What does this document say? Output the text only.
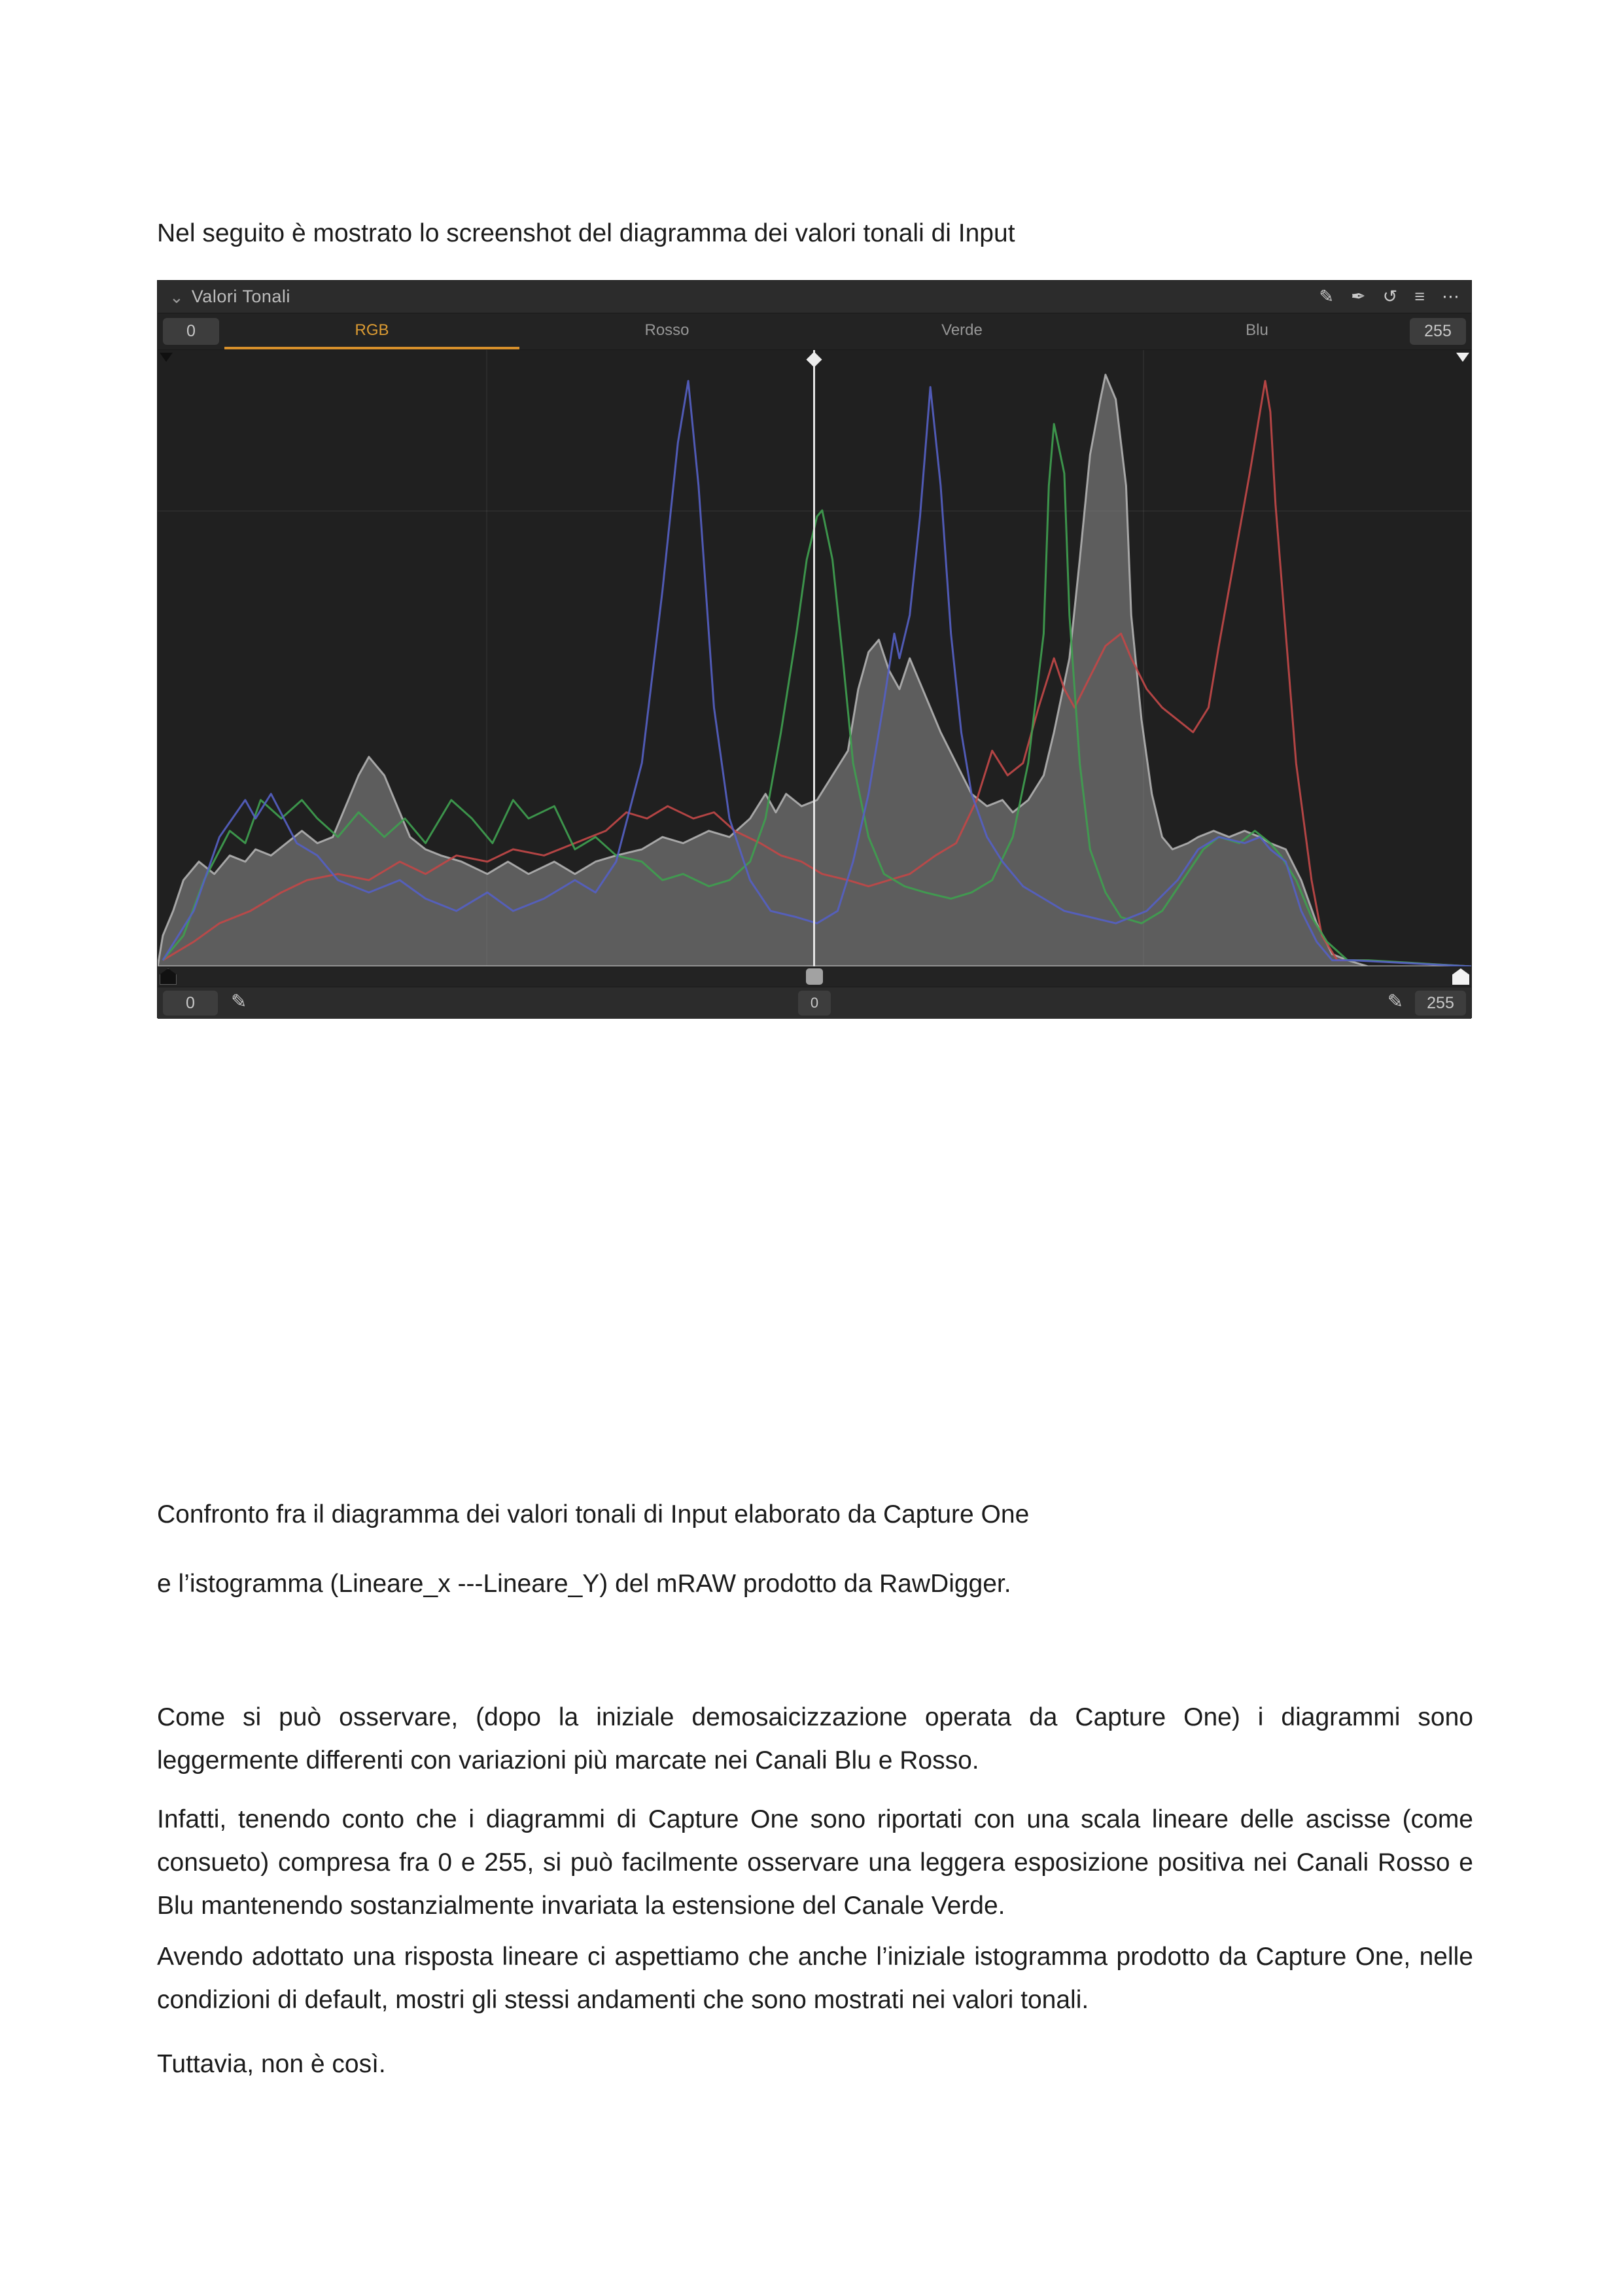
Nel seguito è mostrato lo screenshot del diagramma dei valori tonali di Input

⌄ Valori Tonali	✎ ✒ ↺ ≡ ⋯
0	RGB	Rosso	Verde	Blu	255
0	✎	0	✎	255

Confronto fra il diagramma dei valori tonali di Input elaborato da Capture One

e l’istogramma (Lineare_x ---Lineare_Y) del mRAW prodotto da RawDigger.

Come si può osservare, (dopo la iniziale demosaicizzazione operata da Capture One) i diagrammi sono leggermente differenti con variazioni più marcate nei Canali Blu e Rosso.

Infatti, tenendo conto che i diagrammi di Capture One sono riportati con una scala lineare delle ascisse (come consueto) compresa fra 0 e 255, si può facilmente osservare una leggera esposizione positiva nei Canali Rosso e Blu mantenendo sostanzialmente invariata la estensione del Canale Verde.

Avendo adottato una risposta lineare ci aspettiamo che anche l’iniziale istogramma prodotto da Capture One, nelle condizioni di default, mostri gli stessi andamenti che sono mostrati nei valori tonali.

Tuttavia, non è così.
